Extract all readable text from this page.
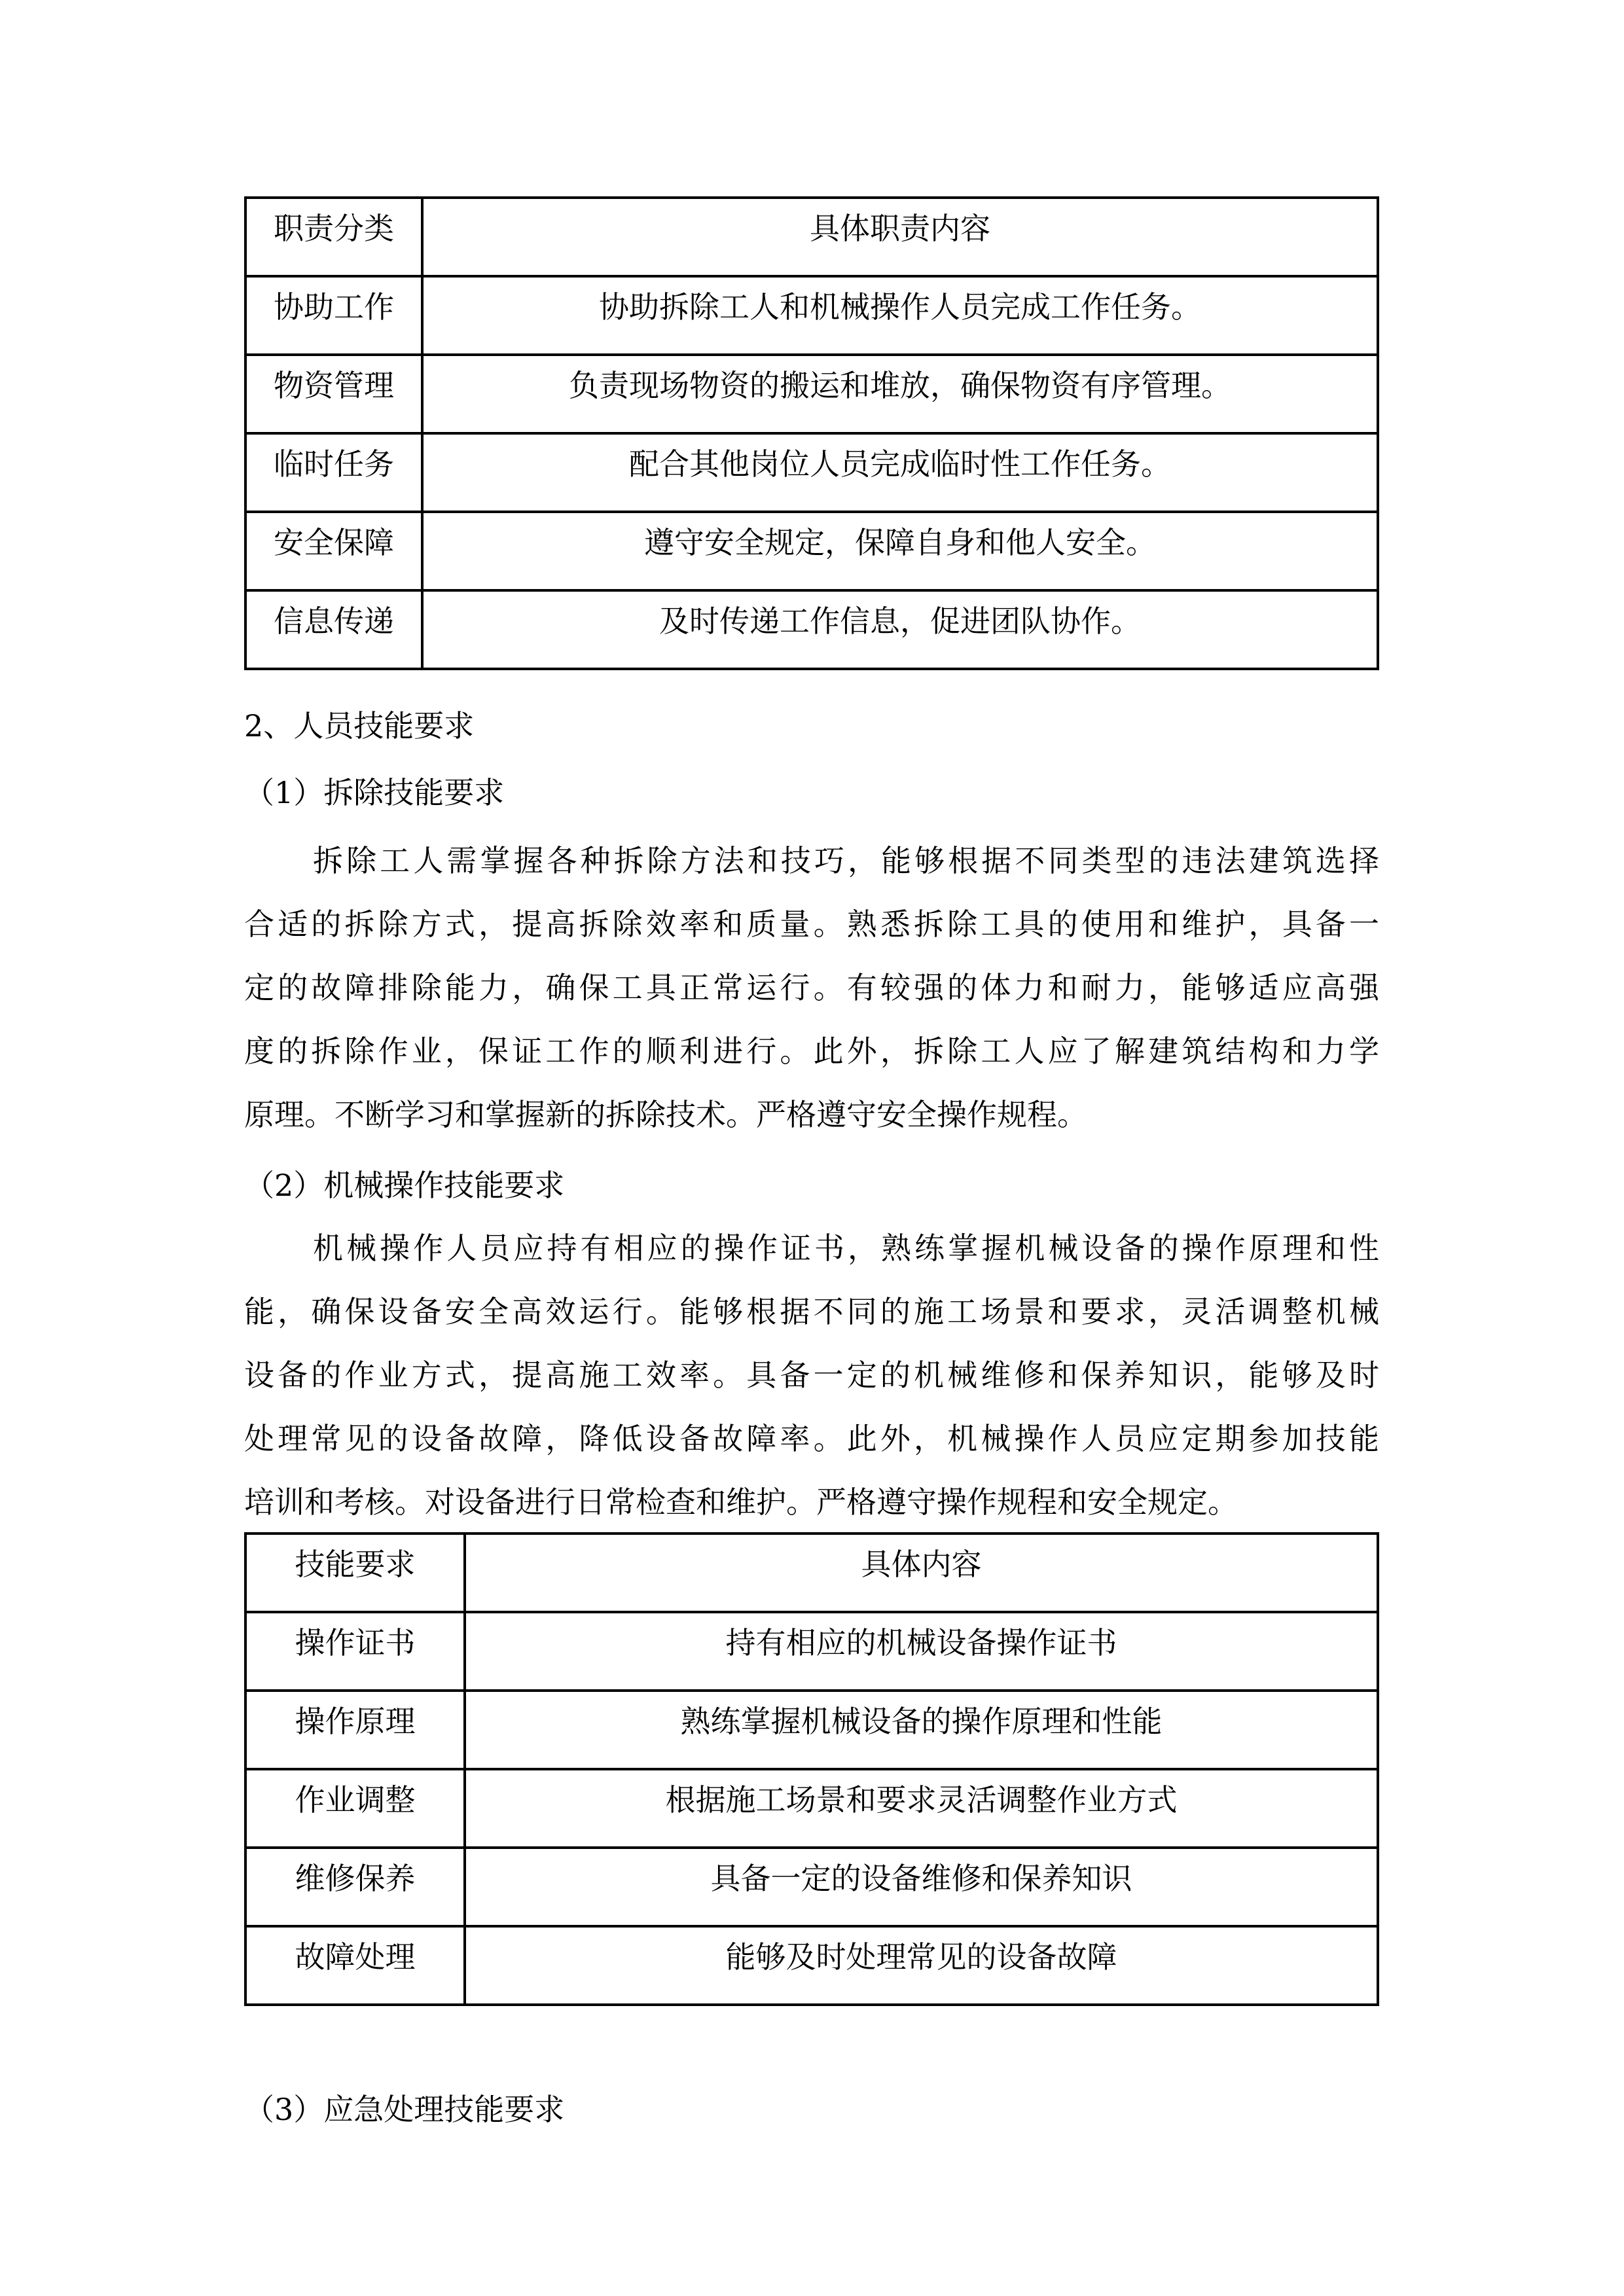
职责分类	具体职责内容

协助工作	协助拆除工人和机械操作人员完成工作任务。

物资管理	负责现场物资的搬运和堆放，确保物资有序管理。

临时任务	配合其他岗位人员完成临时性工作任务。

安全保障	遵守安全规定，保障自身和他人安全。

信息传递	及时传递工作信息，促进团队协作。
2、人员技能要求
（1）拆除技能要求
拆除工人需掌握各种拆除方法和技巧，能够根据不同类型的违法建筑选择
合适的拆除方式，提高拆除效率和质量。熟悉拆除工具的使用和维护，具备一
定的故障排除能力，确保工具正常运行。有较强的体力和耐力，能够适应高强
度的拆除作业，保证工作的顺利进行。此外，拆除工人应了解建筑结构和力学
原理。不断学习和掌握新的拆除技术。严格遵守安全操作规程。
（2）机械操作技能要求
机械操作人员应持有相应的操作证书，熟练掌握机械设备的操作原理和性
能，确保设备安全高效运行。能够根据不同的施工场景和要求，灵活调整机械
设备的作业方式，提高施工效率。具备一定的机械维修和保养知识，能够及时
处理常见的设备故障，降低设备故障率。此外，机械操作人员应定期参加技能
培训和考核。对设备进行日常检查和维护。严格遵守操作规程和安全规定。
技能要求	具体内容

操作证书	持有相应的机械设备操作证书

操作原理	熟练掌握机械设备的操作原理和性能

作业调整	根据施工场景和要求灵活调整作业方式

维修保养	具备一定的设备维修和保养知识

故障处理	能够及时处理常见的设备故障
（3）应急处理技能要求
